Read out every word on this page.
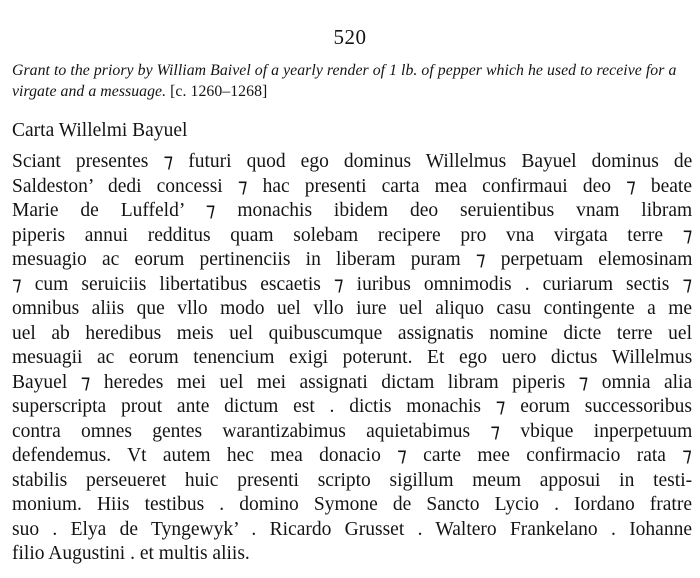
520
Grant to the priory by William Baivel of a yearly render of 1 lb. of pepper which he used to receive for a virgate and a messuage. [c. 1260–1268]
Carta Willelmi Bayuel
Sciant presentes ⁊ futuri quod ego dominus Willelmus Bayuel dominus de
Saldeston’ dedi concessi ⁊ hac presenti carta mea confirmaui deo ⁊ beate
Marie de Luffeld’ ⁊ monachis ibidem deo seruientibus vnam libram
piperis annui redditus quam solebam recipere pro vna virgata terre ⁊
mesuagio ac eorum pertinenciis in liberam puram ⁊ perpetuam elemosinam
⁊ cum seruiciis libertatibus escaetis ⁊ iuribus omnimodis . curiarum sectis ⁊
omnibus aliis que vllo modo uel vllo iure uel aliquo casu contingente a me
uel ab heredibus meis uel quibuscumque assignatis nomine dicte terre uel
mesuagii ac eorum tenencium exigi poterunt. Et ego uero dictus Willelmus
Bayuel ⁊ heredes mei uel mei assignati dictam libram piperis ⁊ omnia alia
superscripta prout ante dictum est . dictis monachis ⁊ eorum successoribus
contra omnes gentes warantizabimus aquietabimus ⁊ vbique inperpetuum
defendemus. Vt autem hec mea donacio ⁊ carte mee confirmacio rata ⁊
stabilis perseueret huic presenti scripto sigillum meum apposui in testi-
monium. Hiis testibus . domino Symone de Sancto Lycio . Iordano fratre
suo . Elya de Tyngewyk’ . Ricardo Grusset . Waltero Frankelano . Iohanne
filio Augustini . et multis aliis.
